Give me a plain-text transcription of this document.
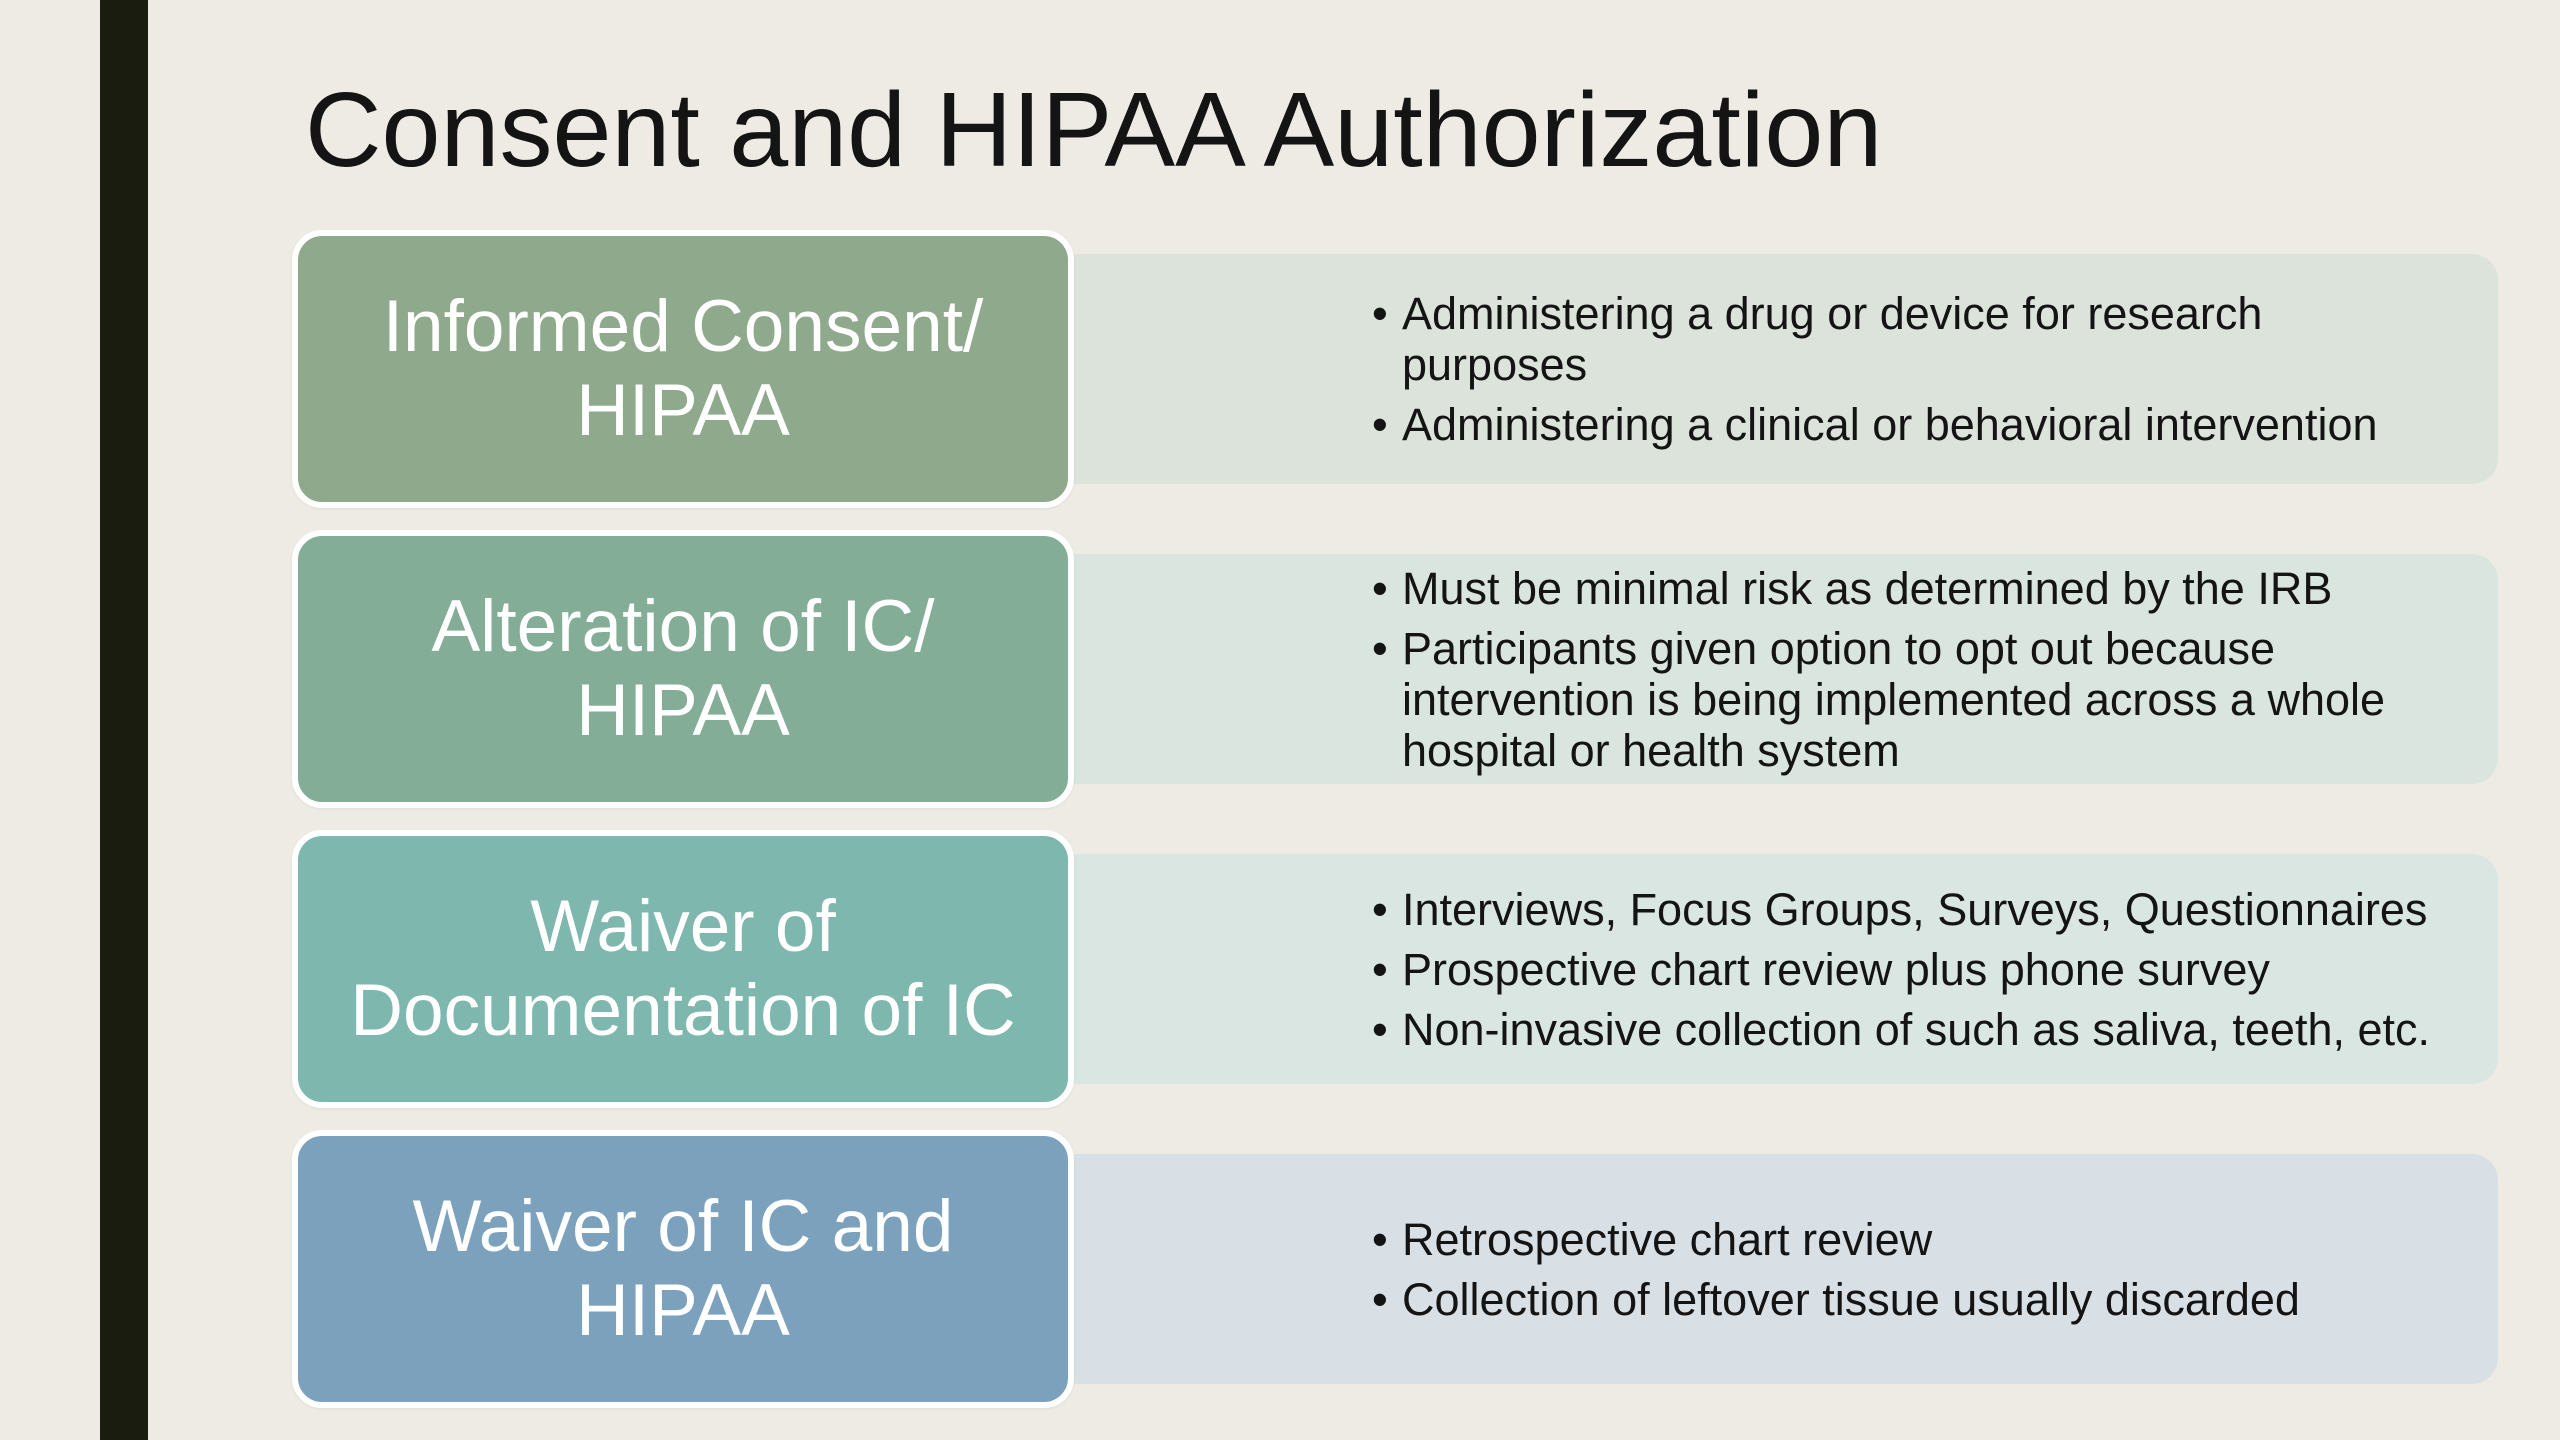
Consent and HIPAA Authorization
• Administering a drug or device for research purposes
• Administering a clinical or behavioral intervention
Informed Consent/ HIPAA
• Must be minimal risk as determined by the IRB
• Participants given option to opt out because intervention is being implemented across a whole hospital or health system
Alteration of IC/ HIPAA
• Interviews, Focus Groups, Surveys, Questionnaires
• Prospective chart review plus phone survey
• Non-invasive collection of such as saliva, teeth, etc.
Waiver of Documentation of IC
• Retrospective chart review
• Collection of leftover tissue usually discarded
Waiver of IC and HIPAA
